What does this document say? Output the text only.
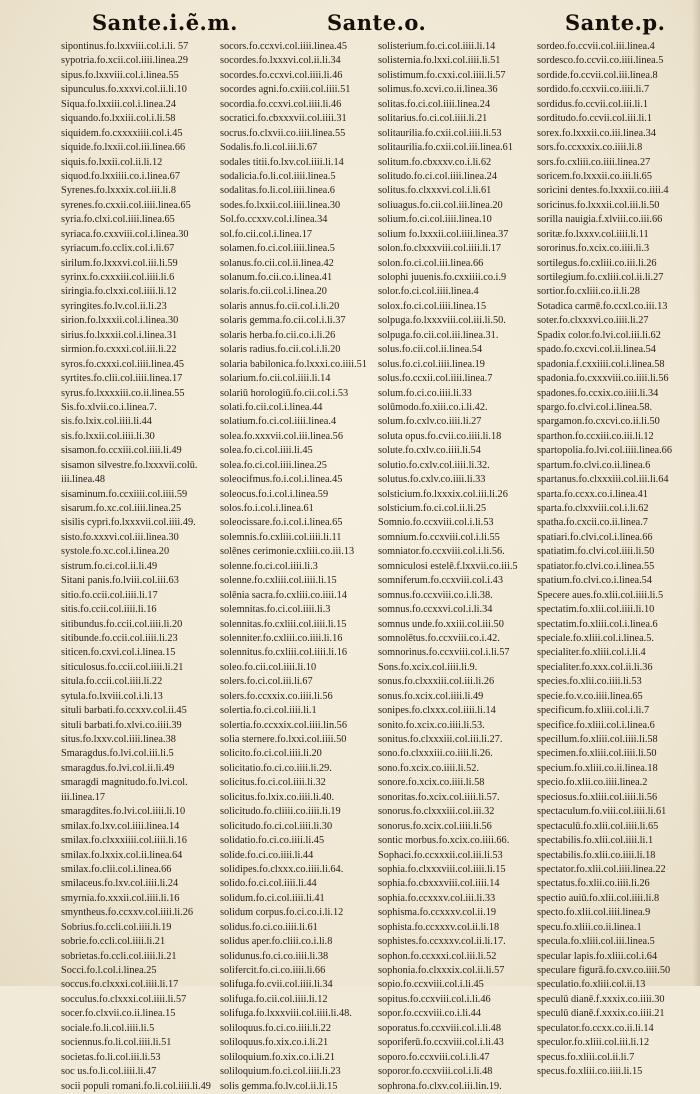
Sante.i.ẽ.m.	Sante.o.	Sante.p.
sipontinus.fo.lxxviii.col.i.li. 57
sypotria.fo.xcii.col.iiii.linea.29
sipus.fo.lxxviii.col.i.linea.55
sipunculus.fo.xxxvi.col.ii.li.10
Siqua.fo.lxxiii.col.i.linea.24
siquando.fo.lxxiii.col.i.li.58
siquidem.fo.cxxxxiiii.col.i.45
siquide.fo.lxxii.col.iii.linea.66
siquis.fo.lxxii.col.ii.li.12
siquod.fo.lxxiiii.co.i.linea.67
Syrenes.fo.lxxxix.col.iii.li.8
syrenes.fo.cxxii.col.iiii.linea.65
syria.fo.clxi.col.iiii.linea.65
syriaca.fo.cxxviii.col.i.linea.30
syriacum.fo.cclix.col.i.li.67
sirilum.fo.lxxxvi.col.iii.li.59
syrinx.fo.cxxxiii.col.iiii.li.6
siringia.fo.clxxi.col.iiii.li.12
syringites.fo.lv.col.ii.li.23
sirion.fo.lxxxii.col.i.linea.30
sirius.fo.lxxxii.col.i.linea.31
sirmion.fo.cxxxi.col.iii.li.22
syros.fo.cxxxi.col.iiii.linea.45
syrtites.fo.clii.col.iiii.linea.17
syrus.fo.lxxxxiii.co.ii.linea.55
Sis.fo.xlvii.co.i.linea.7.
sis.fo.lxix.col.iiii.li.44
sis.fo.lxxii.col.iiii.li.30
sisamon.fo.ccxiii.col.iiii.li.49
sisamon silvestre.fo.lxxxvii.colū.
iii.linea.48
sisaminum.fo.ccxiiii.col.iiii.59
sisarum.fo.xc.col.iiii.linea.25
sisilis cypri.fo.lxxxvii.col.iiii.49.
sisto.fo.xxxvi.col.iii.linea.30
systole.fo.xc.col.i.linea.20
sistrum.fo.ci.col.ii.li.49
Sitani panis.fo.lviii.col.iii.63
sitio.fo.ccii.col.iiii.li.17
sitis.fo.ccii.col.iiii.li.16
sitibundus.fo.ccii.col.iiii.li.20
sitibunde.fo.ccii.col.iiii.li.23
siticen.fo.cxvi.col.i.linea.15
siticulosus.fo.ccii.col.iiii.li.21
situla.fo.ccii.col.iiii.li.22
sytula.fo.lxviii.col.i.li.13
situli barbati.fo.ccxxv.col.ii.45
situli barbati.fo.xlvi.co.iiii.39
situs.fo.lxxv.col.iiii.linea.38
Smaragdus.fo.lvi.col.iii.li.5
smaragdus.fo.lvi.col.ii.li.49
smaragdi magnitudo.fo.lvi.col.
iii.linea.17
smaragdites.fo.lvi.col.iiii.li.10
smilax.fo.lxv.col.iiii.linea.14
smilax.fo.clxxxiiii.col.iiii.li.16
smilax.fo.lxxix.col.ii.linea.64
smilax.fo.clii.col.i.linea.66
smilaceus.fo.lxv.col.iiii.li.24
smyrnia.fo.xxxii.col.iiii.li.16
smyntheus.fo.ccxxv.col.iiii.li.26
Sobrius.fo.ccli.col.iiii.li.19
sobrie.fo.ccli.col.iiii.li.21
sobrietas.fo.ccli.col.iiii.li.21
Socci.fo.l.col.i.linea.25
soccus.fo.clxxxi.col.iiii.li.17
socculus.fo.clxxxi.col.iiii.li.57
socer.fo.clxvii.co.ii.linea.15
sociale.fo.li.col.iiii.li.5
sociennus.fo.li.col.iiii.li.51
societas.fo.li.col.iii.li.53
soc us.fo.li.col.iiii.li.47
socii populi romani.fo.li.col.iiii.li.49
socors.fo.ccxvi.col.iiii.linea.45
socordes.fo.lxxxvi.col.ii.li.34
socordes.fo.ccxvi.col.iiii.li.46
socordes agni.fo.cxiii.col.iiii.51
socordia.fo.ccxvi.col.iiii.li.46
socratici.fo.cbxxxvii.col.iiii.31
socrus.fo.clxvii.co.iiii.linea.55
Sodalis.fo.li.col.iii.li.67
sodales titii.fo.lxv.col.iiii.li.14
sodalicia.fo.li.col.iiii.linea.5
sodalitas.fo.li.col.iiii.linea.6
sodes.fo.lxxii.col.iiii.linea.30
Sol.fo.ccxxv.col.i.linea.34
sol.fo.cii.col.i.linea.17
solamen.fo.ci.col.iiii.linea.5
solanus.fo.cii.col.ii.linea.42
solanum.fo.cii.co.i.linea.41
solaris.fo.cii.col.i.linea.20
solaris annus.fo.cii.col.i.li.20
solaris gemma.fo.cii.col.i.li.37
solaris herba.fo.cii.co.i.li.26
solaris radius.fo.cii.col.i.li.20
solaria babilonica.fo.lxxxi.co.iiii.51
solarium.fo.cii.col.iiii.li.14
solariū horologiū.fo.cii.col.i.53
solati.fo.cii.col.i.linea.44
solatium.fo.ci.col.iiii.linea.4
solea.fo.xxxvii.col.iii.linea.56
solea.fo.ci.col.iiii.li.45
solea.fo.ci.col.iiii.linea.25
soleocifmus.fo.i.col.i.linea.45
soleocus.fo.i.col.i.linea.59
solos.fo.i.col.i.linea.61
soleocissare.fo.i.col.i.linea.65
solemnis.fo.cxliii.col.iiii.li.11
solēnes cerimonie.cxliii.co.iii.13
solenne.fo.ci.col.iiii.li.3
solenne.fo.cxliii.col.iiii.li.15
solēnia sacra.fo.cxliii.co.iiii.14
solemnitas.fo.ci.col.iiii.li.3
solennitas.fo.cxliii.col.iiii.li.15
solenniter.fo.cxliii.co.iiii.li.16
solennitus.fo.cxliii.col.iiii.li.16
soleo.fo.cii.col.iiii.li.10
solers.fo.ci.col.iii.li.67
solers.fo.ccxxix.co.iiii.li.56
solertia.fo.ci.col.iiii.li.1
solertia.fo.ccxxix.col.iiii.lin.56
solia sternere.fo.lxxi.col.iiii.50
solicito.fo.ci.col.iiii.li.20
solicitatio.fo.ci.co.iiii.li.29.
solicitus.fo.ci.col.iiii.li.32
solicitus.fo.lxix.co.iiii.li.40.
solicitudo.fo.cliiii.co.iiii.li.19
solicitudo.fo.ci.col.iiii.li.30
solidatio.fo.ci.co.iiii.li.45
solide.fo.ci.co.iiii.li.44
solidipes.fo.clxxx.co.iiii.li.64.
solido.fo.ci.col.iiii.li.44
solidum.fo.ci.col.iiii.li.41
solidum corpus.fo.ci.co.i.li.12
solidus.fo.ci.co.iiii.li.61
solidus aper.fo.cliii.co.i.li.8
solidunus.fo.ci.co.iiii.li.38
solifercit.fo.ci.co.iiii.li.66
solifuga.fo.cvii.col.iiii.li.34
solifuga.fo.cii.col.iiii.li.12
solifuga.fo.lxxxviii.col.iiii.li.48.
soliloquus.fo.ci.co.iiii.li.22
soliloquus.fo.xix.co.i.li.21
soliloquium.fo.xix.co.i.li.21
soliloquium.fo.ci.col.iiii.li.23
solis gemma.fo.lv.col.ii.li.15
solisterium.fo.ci.col.iiii.li.14
solisternia.fo.lxxi.col.iiii.li.51
solistimum.fo.cxxi.col.iiii.li.57
solimus.fo.xcvi.co.ii.linea.36
solitas.fo.ci.col.iiii.linea.24
solitarius.fo.ci.col.iiii.li.21
solitaurilia.fo.cxii.col.iiii.li.53
solitaurilia.fo.cxii.col.iii.linea.61
solitum.fo.cbxxxv.co.i.li.62
solitudo.fo.ci.col.iiii.linea.24
solitus.fo.clxxxvi.col.i.li.61
soliuagus.fo.cii.col.iii.linea.20
solium.fo.ci.col.iiii.linea.10
solium fo.lxxxii.col.iiii.linea.37
solon.fo.clxxxviii.col.iiii.li.17
solon.fo.ci.col.iii.linea.66
solophi juuenis.fo.cxxiiii.co.i.9
solor.fo.ci.col.iiii.linea.4
solox.fo.ci.col.iiii.linea.15
solpuga.fo.lxxxviii.col.iii.li.50.
solpuga.fo.cii.col.iii.linea.31.
solus.fo.cii.col.ii.linea.54
solus.fo.ci.col.iiii.linea.19
solus.fo.ccxii.col.iiii.linea.7
solum.fo.ci.co.iiii.li.33
solūmodo.fo.xiii.co.i.li.42.
solum.fo.cxlv.co.iiii.li.27
soluta opus.fo.cvii.co.iiii.li.18
solute.fo.cxlv.co.iiii.li.54
solutio.fo.cxlv.col.iiii.li.32.
solutus.fo.cxlv.co.iiii.li.33
solsticium.fo.lxxxix.col.iii.li.26
solsticium.fo.ci.col.ii.li.25
Somnio.fo.ccxviii.col.i.li.53
somnium.fo.ccxviii.col.i.li.55
somniator.fo.ccxviii.col.i.li.56.
somniculosi estelē.f.lxxvii.co.iii.5
somniferum.fo.ccxviii.col.i.43
somnus.fo.ccxviii.co.i.li.38.
somnus.fo.ccxxvi.col.i.li.34
somnus unde.fo.xxiii.col.iii.50
somnolētus.fo.ccxviii.co.i.42.
somnorinus.fo.ccxviii.col.i.li.57
Sons.fo.xcix.col.iiii.li.9.
sonus.fo.clxxxiii.col.iii.li.26
sonus.fo.xcix.col.iiii.li.49
sonipes.fo.clxxx.col.iiii.li.14
sonito.fo.xcix.co.iiii.li.53.
sonitus.fo.clxxxiii.col.iii.li.27.
sono.fo.clxxxiii.co.iiii.li.26.
sono.fo.xcix.co.iiii.li.52.
sonore.fo.xcix.co.iiii.li.58
sonoritas.fo.xcix.col.iiii.li.57.
sonorus.fo.clxxxiii.col.iii.32
sonorus.fo.xcix.col.iiii.li.56
sontic morbus.fo.xcix.co.iiii.66.
Sophaci.fo.ccxxxii.col.iii.li.53
sophia.fo.clxxxviii.col.iiii.li.15
sophia.fo.cbxxxviii.col.iiii.14
sophia.fo.ccxxxv.col.iii.li.33
sophisma.fo.ccxxxv.col.ii.19
sophista.fo.ccxxxv.col.ii.li.18
sophistes.fo.ccxxxv.col.ii.li.17.
sophon.fo.ccxxxi.col.iii.li.52
sophonia.fo.clxxxix.col.ii.li.57
sopio.fo.ccxviii.col.i.li.45
sopitus.fo.ccxviii.col.i.li.46
sopor.fo.ccxviii.co.i.li.44
soporatus.fo.ccxviii.col.i.li.48
soporiferū.fo.ccxviii.col.i.li.43
soporo.fo.ccxviii.col.i.li.47
soporor.fo.ccxviii.col.i.li.48
sophrona.fo.clxv.col.iii.lin.19.
sordeo.fo.ccvii.col.iii.linea.4
sordesco.fo.ccvii.co.iiii.linea.5
sordide.fo.ccvii.col.iii.linea.8
sordido.fo.ccxvii.co.iiii.li.7
sordidus.fo.ccvii.col.iii.li.1
sorditudo.fo.ccvii.col.iii.li.1
sorex.fo.lxxxii.co.iii.linea.34
sors.fo.ccxxxix.co.iiii.li.8
sors.fo.cxliii.co.iiii.linea.27
soricem.fo.lxxxii.co.iii.li.65
soricini dentes.fo.lxxxii.co.iiii.4
soricinus.fo.lxxxii.col.iii.li.50
sorilla nauigia.f.xlviii.co.iii.66
soritæ.fo.lxxxv.col.iiii.li.11
sororinus.fo.xcix.co.iiii.li.3
sortilegus.fo.cxliii.co.iii.li.26
sortilegium.fo.cxliii.col.ii.li.27
sortior.fo.cxliii.co.ii.li.28
Sotadica carmē.fo.ccxl.co.iii.13
soter.fo.clxxxvi.co.iiii.li.27
Spadix color.fo.lvi.col.iii.li.62
spado.fo.cxcvi.col.ii.linea.54
spadonia.f.cxxiiii.col.i.linea.58
spadonia.fo.cxxxviii.co.iiii.li.56
spadones.fo.ccxix.co.iiii.li.34
spargo.fo.clvi.col.i.linea.58.
spargamon.fo.cxcvi.co.ii.li.50
sparthon.fo.ccxiii.co.iii.li.12
spartopolia.fo.lvi.col.iiii.linea.66
spartum.fo.clvi.co.ii.linea.6
spartanus.fo.clxxxiii.col.iii.li.64
sparta.fo.ccxx.co.i.linea.41
sparta.fo.clxxviii.col.i.li.62
spatha.fo.cxcii.co.ii.linea.7
spatiari.fo.clvi.col.i.linea.66
spatiatim.fo.clvi.col.iiii.li.50
spatiator.fo.clvi.co.i.linea.55
spatium.fo.clvi.co.i.linea.54
Specere aues.fo.xlii.col.iiii.li.5
spectatim.fo.xlii.col.iiii.li.10
spectatim.fo.xliii.col.i.linea.6
speciale.fo.xliii.col.i.linea.5.
specialiter.fo.xliii.col.i.li.4
specialiter.fo.xxx.col.ii.li.36
species.fo.xlii.co.iiii.li.53
specie.fo.v.co.iiii.linea.65
specificum.fo.xliii.col.i.li.7
specifice.fo.xliii.col.i.linea.6
specillum.fo.xliii.col.iiii.li.58
specimen.fo.xliii.col.iiii.li.50
specium.fo.xliii.co.ii.linea.18
specio.fo.xlii.co.iiii.linea.2
speciosus.fo.xliii.col.iiii.li.56
spectaculum.fo.viii.col.iiii.li.61
spectaculū.fo.xlii.col.iiii.li.65
spectabilis.fo.xlii.col.iiii.li.1
spectabilis.fo.xlii.co.iiii.li.18
spectator.fo.xlii.col.iiii.linea.22
spectatus.fo.xlii.co.iiii.li.26
spectio auiū.fo.xlii.col.iiii.li.8
specto.fo.xlii.col.iiii.linea.9
specu.fo.xliii.co.ii.linea.1
specula.fo.xliii.col.iii.linea.5
specular lapis.fo.xliii.col.i.64
speculare figurā.fo.cxv.co.iiii.50
speculatio.fo.xliii.col.ii.13
speculū dianē.f.xxxix.co.iiii.30
speculū dianē.f.xxxix.co.iiii.21
speculator.fo.ccxx.co.ii.li.14
speculor.fo.xliii.col.iii.li.12
specus.fo.xliii.col.ii.li.7
specus.fo.xliii.co.iiii.li.15
